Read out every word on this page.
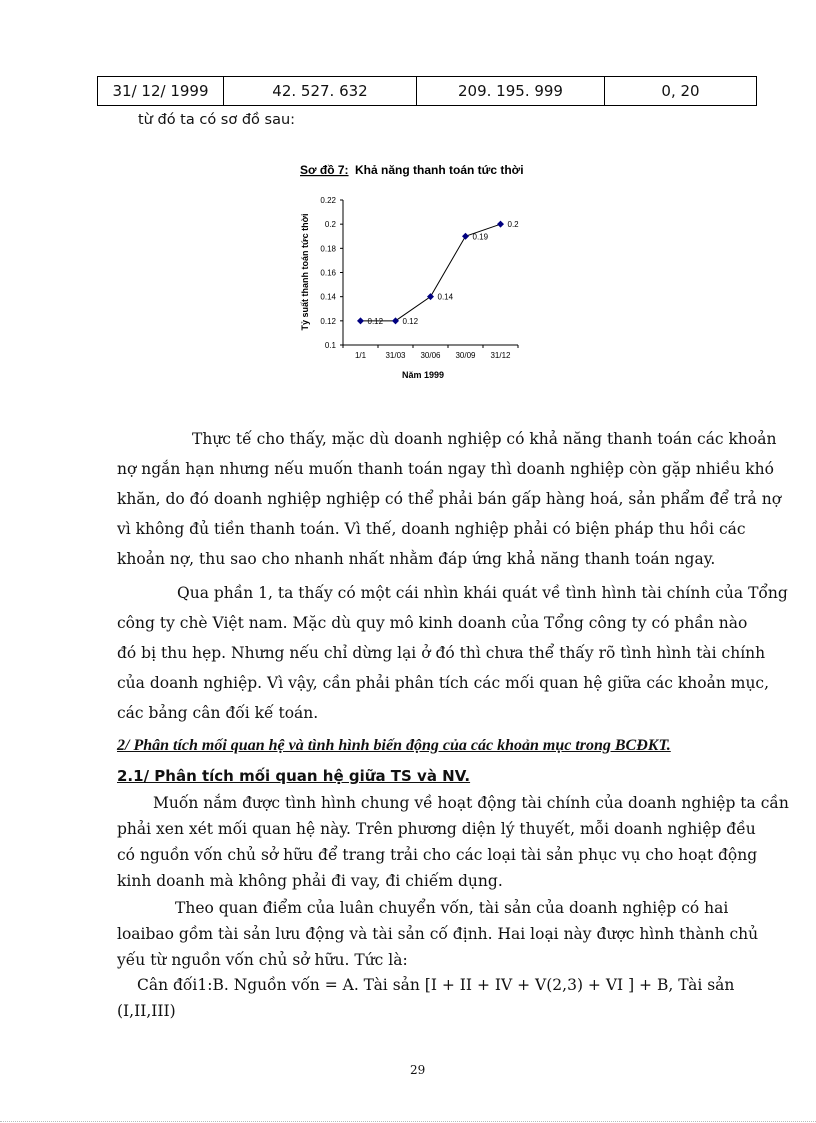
31/ 12/ 1999	42. 527. 632	209. 195. 999	0, 20
từ đó ta có sơ đồ sau:
Sơ đồ 7: Khả năng thanh toán tức thời
0.1
0.12
0.14
0.16
0.18
0.2
0.22
1/1 31/03 30/06 30/09 31/12
0.12 0.12
0.14
0.19
0.2
Năm 1999
Tỷ suất thanh toán tức thời
Thực tế cho thấy, mặc dù doanh nghiệp có khả năng thanh toán các khoản
nợ ngắn hạn nhưng nếu muốn thanh toán ngay thì doanh nghiệp còn gặp nhiều khó
khăn, do đó doanh nghiệp nghiệp có thể phải bán gấp hàng hoá, sản phẩm để trả nợ
vì không đủ tiền thanh toán. Vì thế, doanh nghiệp phải có biện pháp thu hồi các
khoản nợ, thu sao cho nhanh nhất nhằm đáp ứng khả năng thanh toán ngay.
Qua phần 1, ta thấy có một cái nhìn khái quát về tình hình tài chính của Tổng
công ty chè Việt nam. Mặc dù quy mô kinh doanh của Tổng công ty có phần nào
đó bị thu hẹp. Nhưng nếu chỉ dừng lại ở đó thì chưa thể thấy rõ tình hình tài chính
của doanh nghiệp. Vì vậy, cần phải phân tích các mối quan hệ giữa các khoản mục,
các bảng cân đối kế toán.
2/ Phân tích mối quan hệ và tình hình biến động của các khoản mục trong BCĐKT.
2.1/ Phân tích mối quan hệ giữa TS và NV.
Muốn nắm được tình hình chung về hoạt động tài chính của doanh nghiệp ta cần
phải xen xét mối quan hệ này. Trên phương diện lý thuyết, mỗi doanh nghiệp đều
có nguồn vốn chủ sở hữu để trang trải cho các loại tài sản phục vụ cho hoạt động
kinh doanh mà không phải đi vay, đi chiếm dụng.
Theo quan điểm của luân chuyển vốn, tài sản của doanh nghiệp có hai
loaibao gồm tài sản lưu động và tài sản cố định. Hai loại này được hình thành chủ
yếu từ nguồn vốn chủ sở hữu. Tức là:
Cân đối1:B. Nguồn vốn = A. Tài sản [I + II + IV + V(2,3) + VI ] + B, Tài sản
(I,II,III)
29
